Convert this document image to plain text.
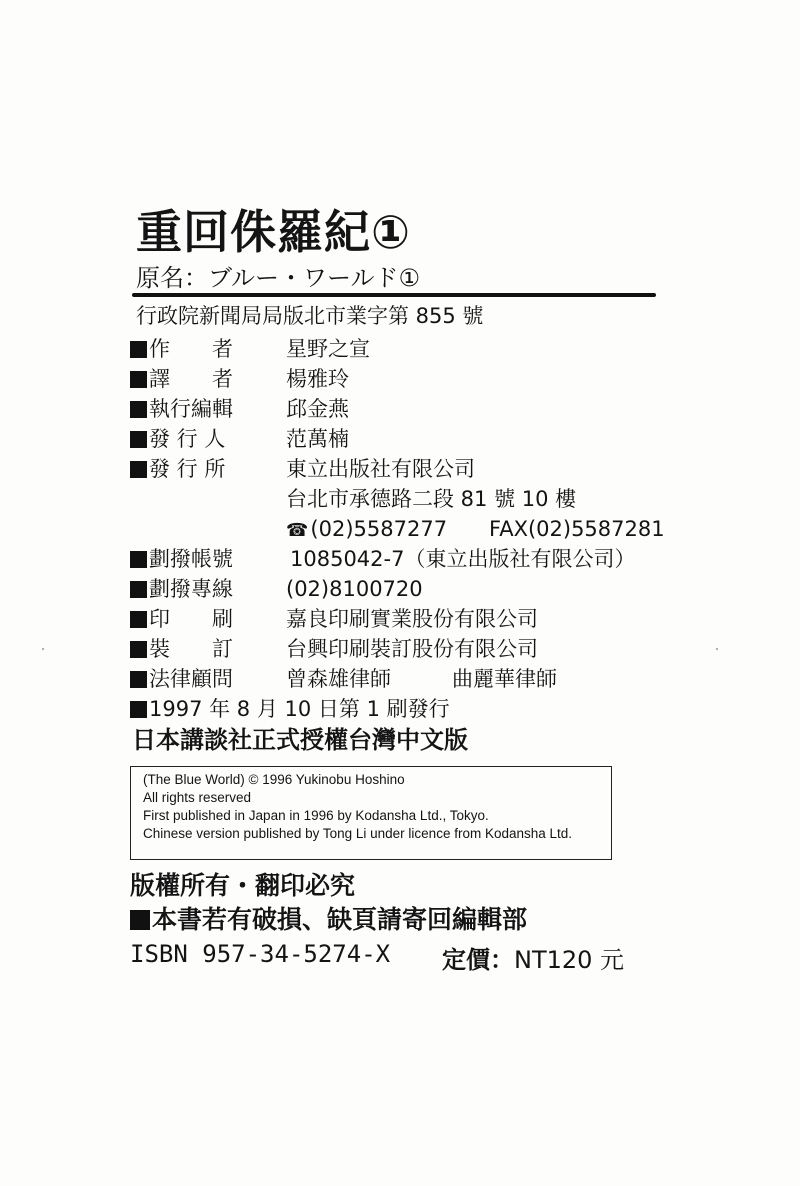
重回侏羅紀①
原名：ブルー・ワールド①
行政院新聞局局版北市業字第 855 號
作　　者	星野之宣
譯　　者	楊雅玲
執行編輯	邱金燕
發 行 人	范萬楠
發 行 所	東立出版社有限公司
台北市承德路二段 81 號 10 樓
☎(02)5587277　　FAX(02)5587281
劃撥帳號	1085042-7（東立出版社有限公司）
劃撥專線	(02)8100720
印　　刷	嘉良印刷實業股份有限公司
裝　　訂	台興印刷裝訂股份有限公司
法律顧問	曾森雄律師	曲麗華律師
1997 年 8 月 10 日第 1 刷發行
日本講談社正式授權台灣中文版
(The Blue World) © 1996 Yukinobu Hoshino
All rights reserved
First published in Japan in 1996 by Kodansha Ltd., Tokyo.
Chinese version published by Tong Li under licence from Kodansha Ltd.
版權所有・翻印必究
本書若有破損、缺頁請寄回編輯部
ISBN 957-34-5274-X 定價：NT120 元
